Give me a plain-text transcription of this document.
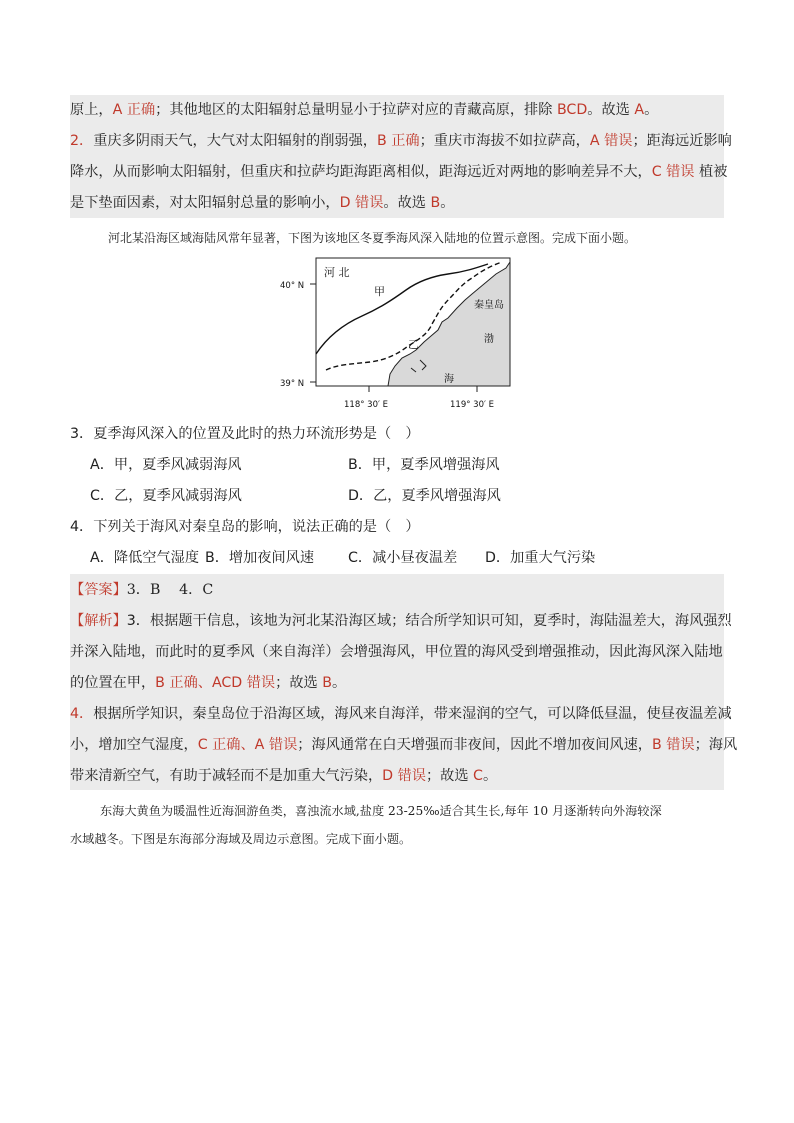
原上，A 正确；其他地区的太阳辐射总量明显小于拉萨对应的青藏高原，排除 BCD。故选 A。
2．重庆多阴雨天气，大气对太阳辐射的削弱强，B 正确；重庆市海拔不如拉萨高，A 错误；距海远近影响
降水，从而影响太阳辐射，但重庆和拉萨均距海距离相似，距海远近对两地的影响差异不大，C 错误 植被
是下垫面因素，对太阳辐射总量的影响小，D 错误。故选 B。
河北某沿海区域海陆风常年显著，下图为该地区冬夏季海风深入陆地的位置示意图。完成下面小题。
河 北
甲
乙
秦皇岛
渤
海
40° N
39° N
118° 30′ E	119° 30′ E
3．夏季海风深入的位置及此时的热力环流形势是（　）
A．甲，夏季风减弱海风	B．甲，夏季风增强海风
C．乙，夏季风减弱海风	D．乙，夏季风增强海风
4．下列关于海风对秦皇岛的影响，说法正确的是（　）
A．降低空气湿度 B．增加夜间风速 C．减小昼夜温差 D．加重大气污染
【答案】3．B　 4．C
【解析】3．根据题干信息，该地为河北某沿海区域；结合所学知识可知，夏季时，海陆温差大，海风强烈
并深入陆地，而此时的夏季风（来自海洋）会增强海风，甲位置的海风受到增强推动，因此海风深入陆地
的位置在甲，B 正确、ACD 错误；故选 B。
4．根据所学知识，秦皇岛位于沿海区域，海风来自海洋，带来湿润的空气，可以降低昼温，使昼夜温差减
小，增加空气湿度，C 正确、A 错误；海风通常在白天增强而非夜间，因此不增加夜间风速，B 错误；海风
带来清新空气，有助于减轻而不是加重大气污染，D 错误；故选 C。
东海大黄鱼为暖温性近海洄游鱼类，喜浊流水域,盐度 23-25‰适合其生长,每年 10 月逐渐转向外海较深
水域越冬。下图是东海部分海域及周边示意图。完成下面小题。
